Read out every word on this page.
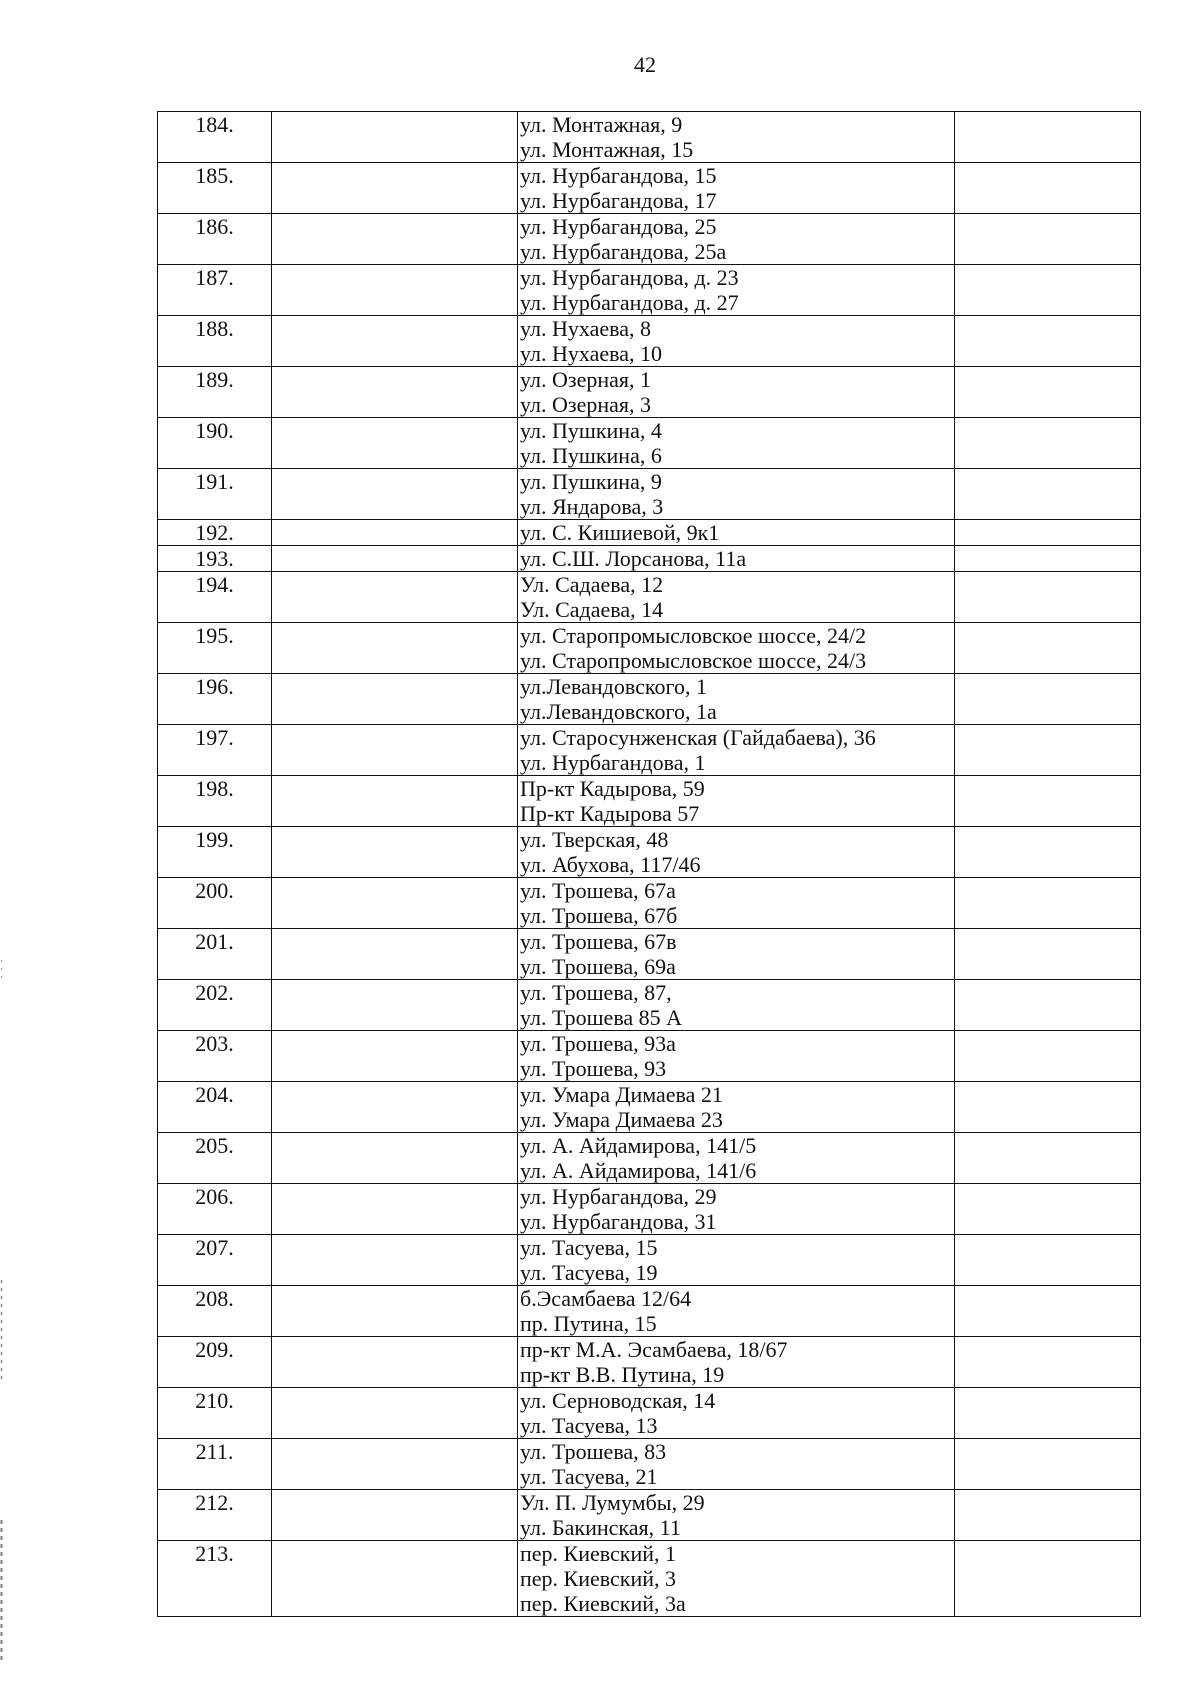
42
184.		ул. Монтажная, 9
ул. Монтажная, 15	

185.		ул. Нурбагандова, 15
ул. Нурбагандова, 17	

186.		ул. Нурбагандова, 25
ул. Нурбагандова, 25а	

187.		ул. Нурбагандова, д. 23
ул. Нурбагандова, д. 27	

188.		ул. Нухаева, 8
ул. Нухаева, 10	

189.		ул. Озерная, 1
ул. Озерная, 3	

190.		ул. Пушкина, 4
ул. Пушкина, 6	

191.		ул. Пушкина, 9
ул. Яндарова, 3	

192.		ул. С. Кишиевой, 9к1	

193.		ул. С.Ш. Лорсанова, 11а	

194.		Ул. Садаева, 12
Ул. Садаева, 14	

195.		ул. Старопромысловское шоссе, 24/2
ул. Старопромысловское шоссе, 24/3	

196.		ул.Левандовского, 1
ул.Левандовского, 1а	

197.		ул. Старосунженская (Гайдабаева), 36
ул. Нурбагандова, 1	

198.		Пр-кт Кадырова, 59
Пр-кт Кадырова 57	

199.		ул. Тверская, 48
ул. Абухова, 117/46	

200.		ул. Трошева, 67а
ул. Трошева, 67б	

201.		ул. Трошева, 67в
ул. Трошева, 69а	

202.		ул. Трошева, 87,
ул. Трошева 85 А	

203.		ул. Трошева, 93а
ул. Трошева, 93	

204.		ул. Умара Димаева 21
ул. Умара Димаева 23	

205.		ул. А. Айдамирова, 141/5
ул. А. Айдамирова, 141/6	

206.		ул. Нурбагандова, 29
ул. Нурбагандова, 31	

207.		ул. Тасуева, 15
ул. Тасуева, 19	

208.		б.Эсамбаева 12/64
пр. Путина, 15	

209.		пр-кт М.А. Эсамбаева, 18/67
пр-кт В.В. Путина, 19	

210.		ул. Серноводская, 14
ул. Тасуева, 13	

211.		ул. Трошева, 83
ул. Тасуева, 21	

212.		Ул. П. Лумумбы, 29
ул. Бакинская, 11	

213.		пер. Киевский, 1
пер. Киевский, 3
пер. Киевский, 3а	
